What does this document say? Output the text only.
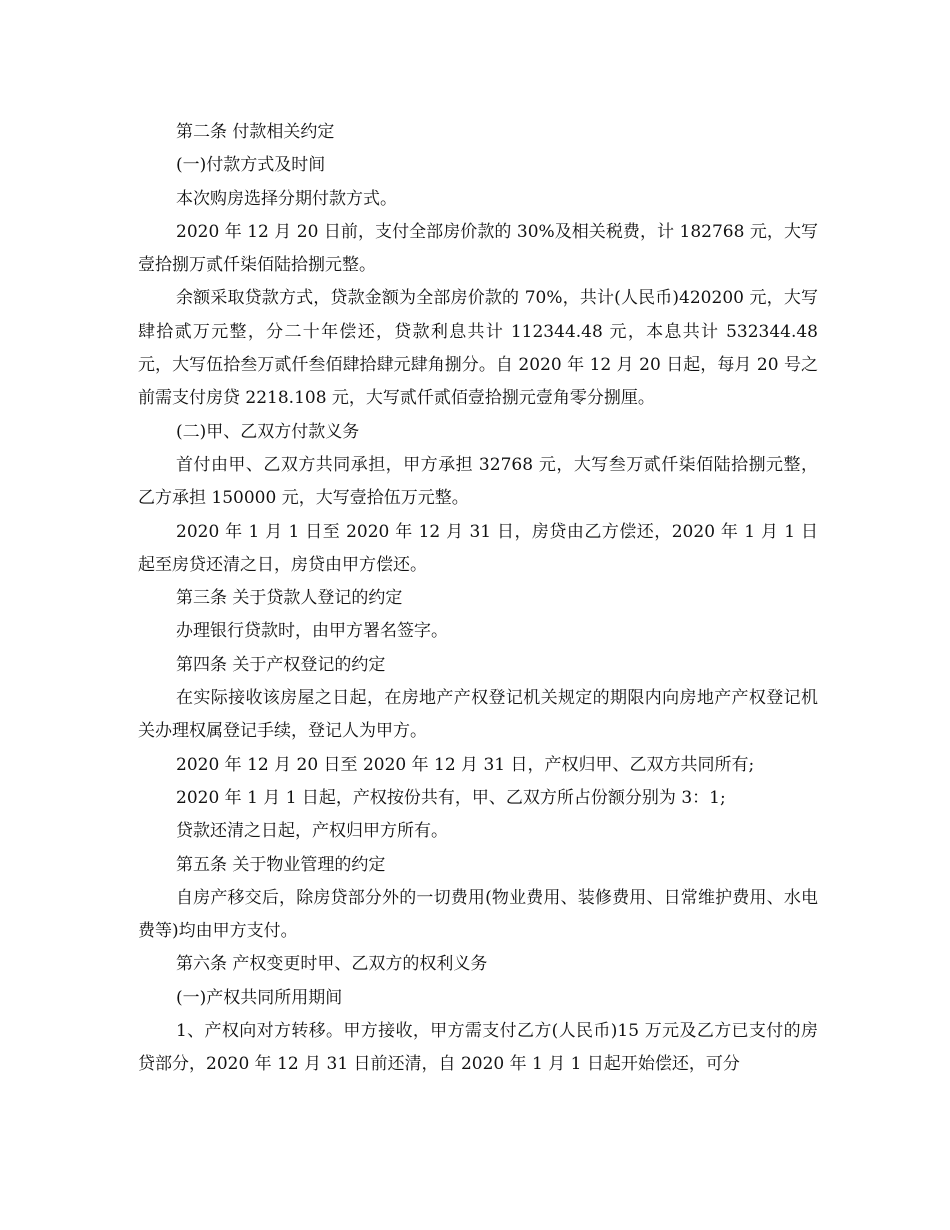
第二条 付款相关约定

(一)付款方式及时间

本次购房选择分期付款方式。

2020 年 12 月 20 日前，支付全部房价款的 30%及相关税费，计 182768 元，大写壹拾捌万贰仟柒佰陆拾捌元整。

余额采取贷款方式，贷款金额为全部房价款的 70%，共计(人民币)420200 元，大写肆拾贰万元整，分二十年偿还，贷款利息共计 112344.48 元，本息共计 532344.48 元，大写伍拾叁万贰仟叁佰肆拾肆元肆角捌分。自 2020 年 12 月 20 日起，每月 20 号之前需支付房贷 2218.108 元，大写贰仟贰佰壹拾捌元壹角零分捌厘。

(二)甲、乙双方付款义务

首付由甲、乙双方共同承担，甲方承担 32768 元，大写叁万贰仟柒佰陆拾捌元整，乙方承担 150000 元，大写壹拾伍万元整。

2020 年 1 月 1 日至 2020 年 12 月 31 日，房贷由乙方偿还，2020 年 1 月 1 日起至房贷还清之日，房贷由甲方偿还。

第三条 关于贷款人登记的约定

办理银行贷款时，由甲方署名签字。

第四条 关于产权登记的约定

在实际接收该房屋之日起，在房地产产权登记机关规定的期限内向房地产产权登记机关办理权属登记手续，登记人为甲方。

2020 年 12 月 20 日至 2020 年 12 月 31 日，产权归甲、乙双方共同所有;

2020 年 1 月 1 日起，产权按份共有，甲、乙双方所占份额分别为 3：1;

贷款还清之日起，产权归甲方所有。

第五条 关于物业管理的约定

自房产移交后，除房贷部分外的一切费用(物业费用、装修费用、日常维护费用、水电费等)均由甲方支付。

第六条 产权变更时甲、乙双方的权利义务

(一)产权共同所用期间

1、产权向对方转移。甲方接收，甲方需支付乙方(人民币)15 万元及乙方已支付的房贷部分，2020 年 12 月 31 日前还清，自 2020 年 1 月 1 日起开始偿还，可分
